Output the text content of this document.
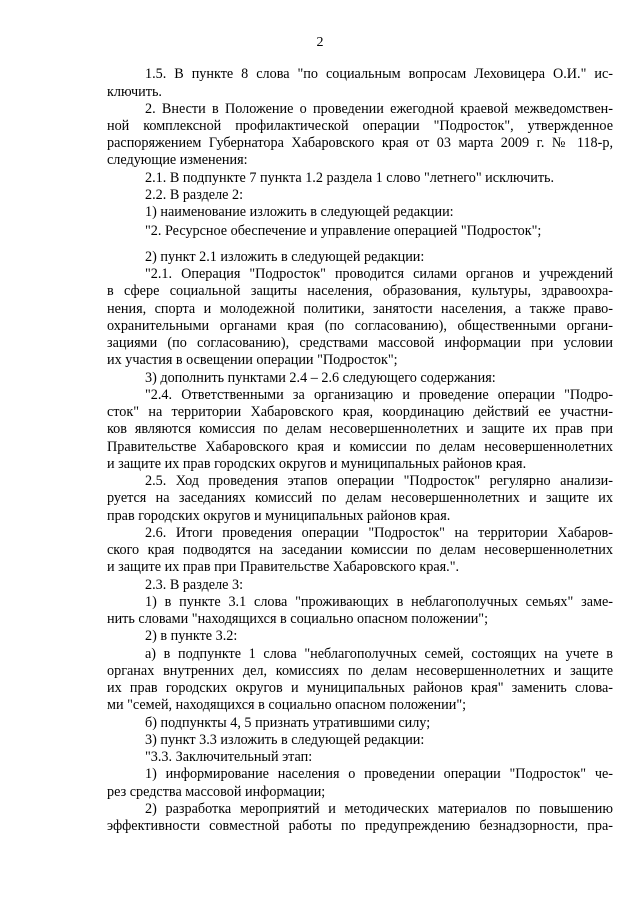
2
1.5. В пункте 8 слова "по социальным вопросам Леховицера О.И." ис-
ключить.
2. Внести в Положение о проведении ежегодной краевой межведомствен-
ной комплексной профилактической операции "Подросток", утвержденное
распоряжением Губернатора Хабаровского края от 03 марта 2009 г. № 118-р,
следующие изменения:
2.1. В подпункте 7 пункта 1.2 раздела 1 слово "летнего" исключить.
2.2. В разделе 2:
1) наименование изложить в следующей редакции:
"2. Ресурсное обеспечение и управление операцией "Подросток";
2) пункт 2.1 изложить в следующей редакции:
"2.1. Операция "Подросток" проводится силами органов и учреждений
в сфере социальной защиты населения, образования, культуры, здравоохра-
нения, спорта и молодежной политики, занятости населения, а также право-
охранительными органами края (по согласованию), общественными органи-
зациями (по согласованию), средствами массовой информации при условии
их участия в освещении операции "Подросток";
3) дополнить пунктами 2.4 – 2.6 следующего содержания:
"2.4. Ответственными за организацию и проведение операции "Подро-
сток" на территории Хабаровского края, координацию действий ее участни-
ков являются комиссия по делам несовершеннолетних и защите их прав при
Правительстве Хабаровского края и комиссии по делам несовершеннолетних
и защите их прав городских округов и муниципальных районов края.
2.5. Ход проведения этапов операции "Подросток" регулярно анализи-
руется на заседаниях комиссий по делам несовершеннолетних и защите их
прав городских округов и муниципальных районов края.
2.6. Итоги проведения операции "Подросток" на территории Хабаров-
ского края подводятся на заседании комиссии по делам несовершеннолетних
и защите их прав при Правительстве Хабаровского края.".
2.3. В разделе 3:
1) в пункте 3.1 слова "проживающих в неблагополучных семьях" заме-
нить словами "находящихся в социально опасном положении";
2) в пункте 3.2:
а) в подпункте 1 слова "неблагополучных семей, состоящих на учете в
органах внутренних дел, комиссиях по делам несовершеннолетних и защите
их прав городских округов и муниципальных районов края" заменить слова-
ми "семей, находящихся в социально опасном положении";
б) подпункты 4, 5 признать утратившими силу;
3) пункт 3.3 изложить в следующей редакции:
"3.3. Заключительный этап:
1) информирование населения о проведении операции "Подросток" че-
рез средства массовой информации;
2) разработка мероприятий и методических материалов по повышению
эффективности совместной работы по предупреждению безнадзорности, пра-
